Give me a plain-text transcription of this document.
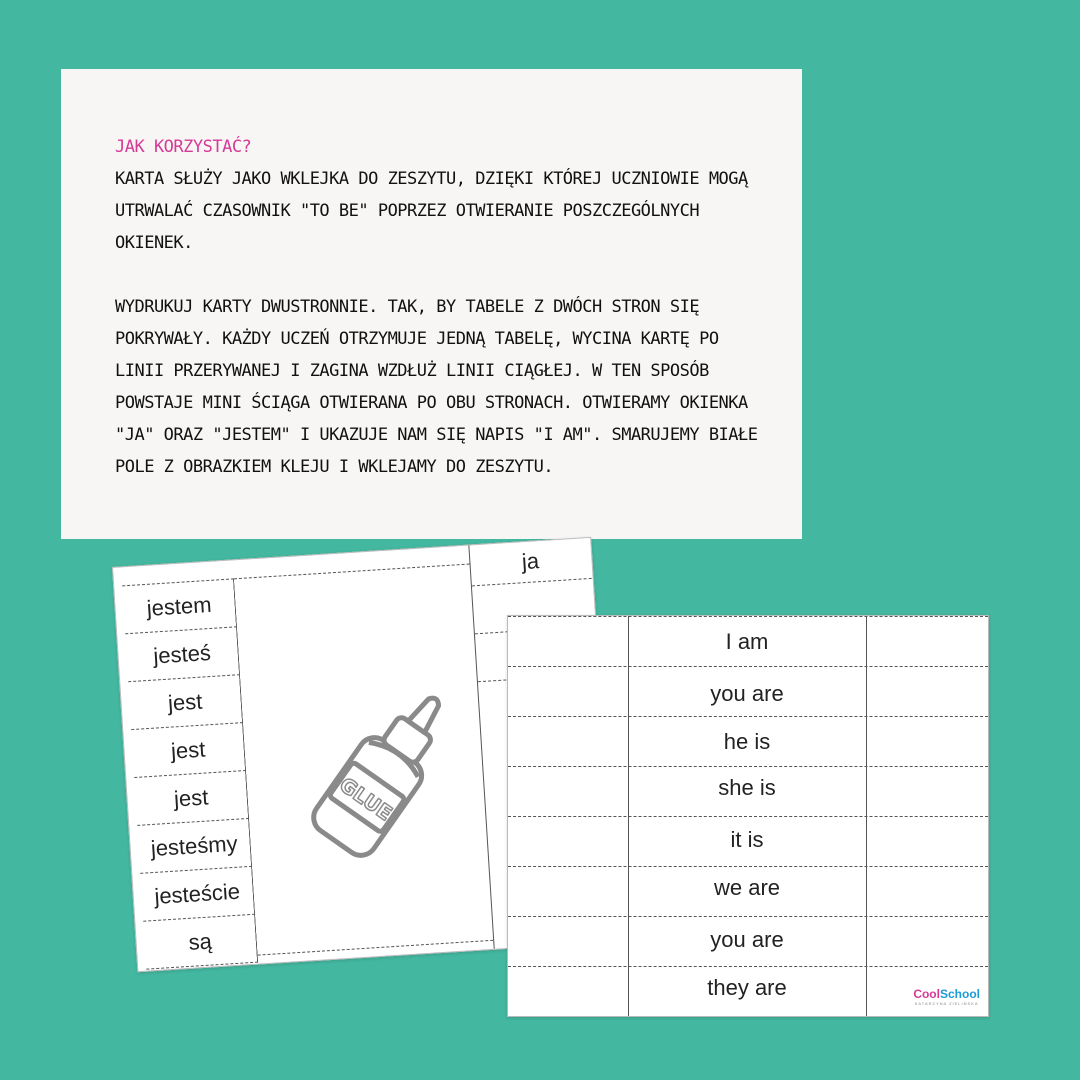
JAK KORZYSTAĆ?

KARTA SŁUŻY JAKO WKLEJKA DO ZESZYTU, DZIĘKI KTÓREJ UCZNIOWIE MOGĄ UTRWALAĆ CZASOWNIK "TO BE" POPRZEZ OTWIERANIE POSZCZEGÓLNYCH OKIENEK.

WYDRUKUJ KARTY DWUSTRONNIE. TAK, BY TABELE Z DWÓCH STRON SIĘ POKRYWAŁY. KAŻDY UCZEŃ OTRZYMUJE JEDNĄ TABELĘ, WYCINA KARTĘ PO LINII PRZERYWANEJ I ZAGINA WZDŁUŻ LINII CIĄGŁEJ. W TEN SPOSÓB POWSTAJE MINI ŚCIĄGA OTWIERANA PO OBU STRONACH. OTWIERAMY OKIENKA "JA" ORAZ "JESTEM" I UKAZUJE NAM SIĘ NAPIS "I AM". SMARUJEMY BIAŁE POLE Z OBRAZKIEM KLEJU I WKLEJAMY DO ZESZYTU.

jestem
jesteś
jest
jest
jest
jesteśmy
jesteście
są
ja
GLUE
I am
you are
he is
she is
it is
we are
you are
they are	CoolSchool
KATARZYNA ZIELIŃSKA
